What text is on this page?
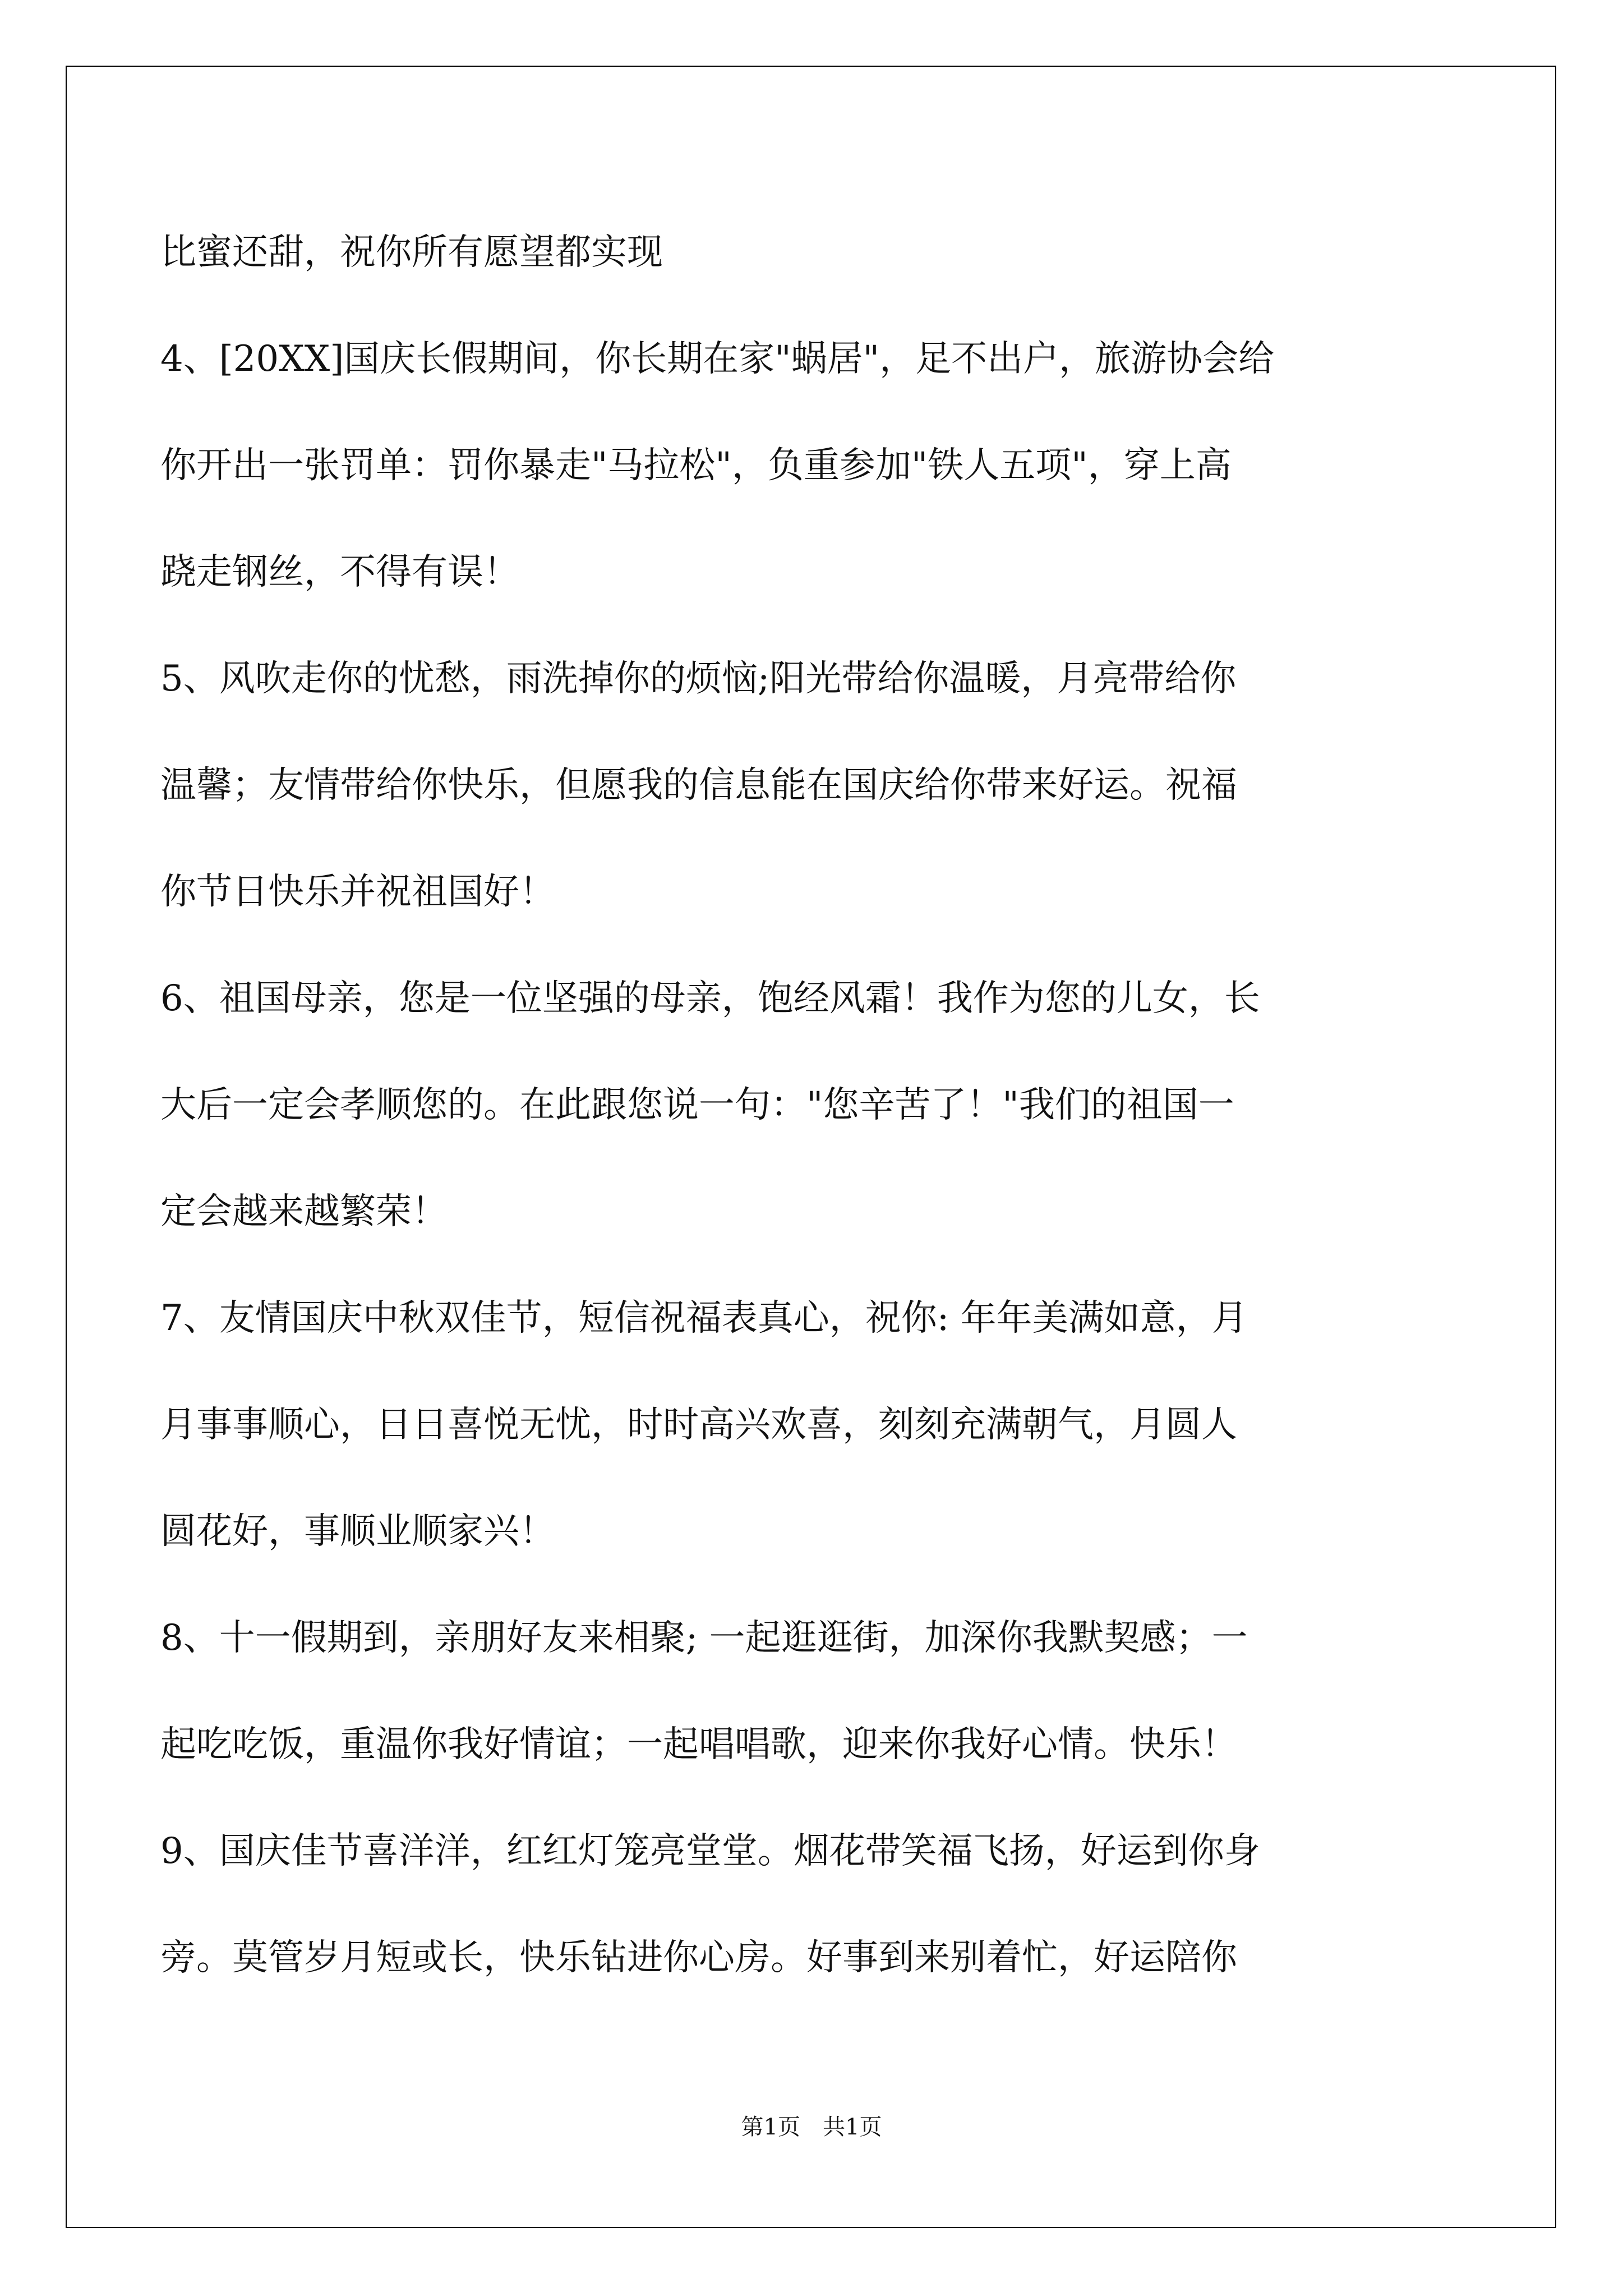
比蜜还甜，祝你所有愿望都实现

4、[20XX]国庆长假期间，你长期在家"蜗居"，足不出户，旅游协会给

你开出一张罚单：罚你暴走"马拉松"，负重参加"铁人五项"，穿上高

跷走钢丝，不得有误！

5、风吹走你的忧愁，雨洗掉你的烦恼;阳光带给你温暖，月亮带给你

温馨；友情带给你快乐，但愿我的信息能在国庆给你带来好运。祝福

你节日快乐并祝祖国好！

6、祖国母亲，您是一位坚强的母亲，饱经风霜！我作为您的儿女，长

大后一定会孝顺您的。在此跟您说一句："您辛苦了！"我们的祖国一

定会越来越繁荣！

7、友情国庆中秋双佳节，短信祝福表真心，祝你: 年年美满如意，月

月事事顺心，日日喜悦无忧，时时高兴欢喜，刻刻充满朝气，月圆人

圆花好，事顺业顺家兴！

8、十一假期到，亲朋好友来相聚; 一起逛逛街，加深你我默契感；一

起吃吃饭，重温你我好情谊；一起唱唱歌，迎来你我好心情。快乐！

9、国庆佳节喜洋洋，红红灯笼亮堂堂。烟花带笑福飞扬，好运到你身

旁。莫管岁月短或长，快乐钻进你心房。好事到来别着忙，好运陪你

第1页　共1页
